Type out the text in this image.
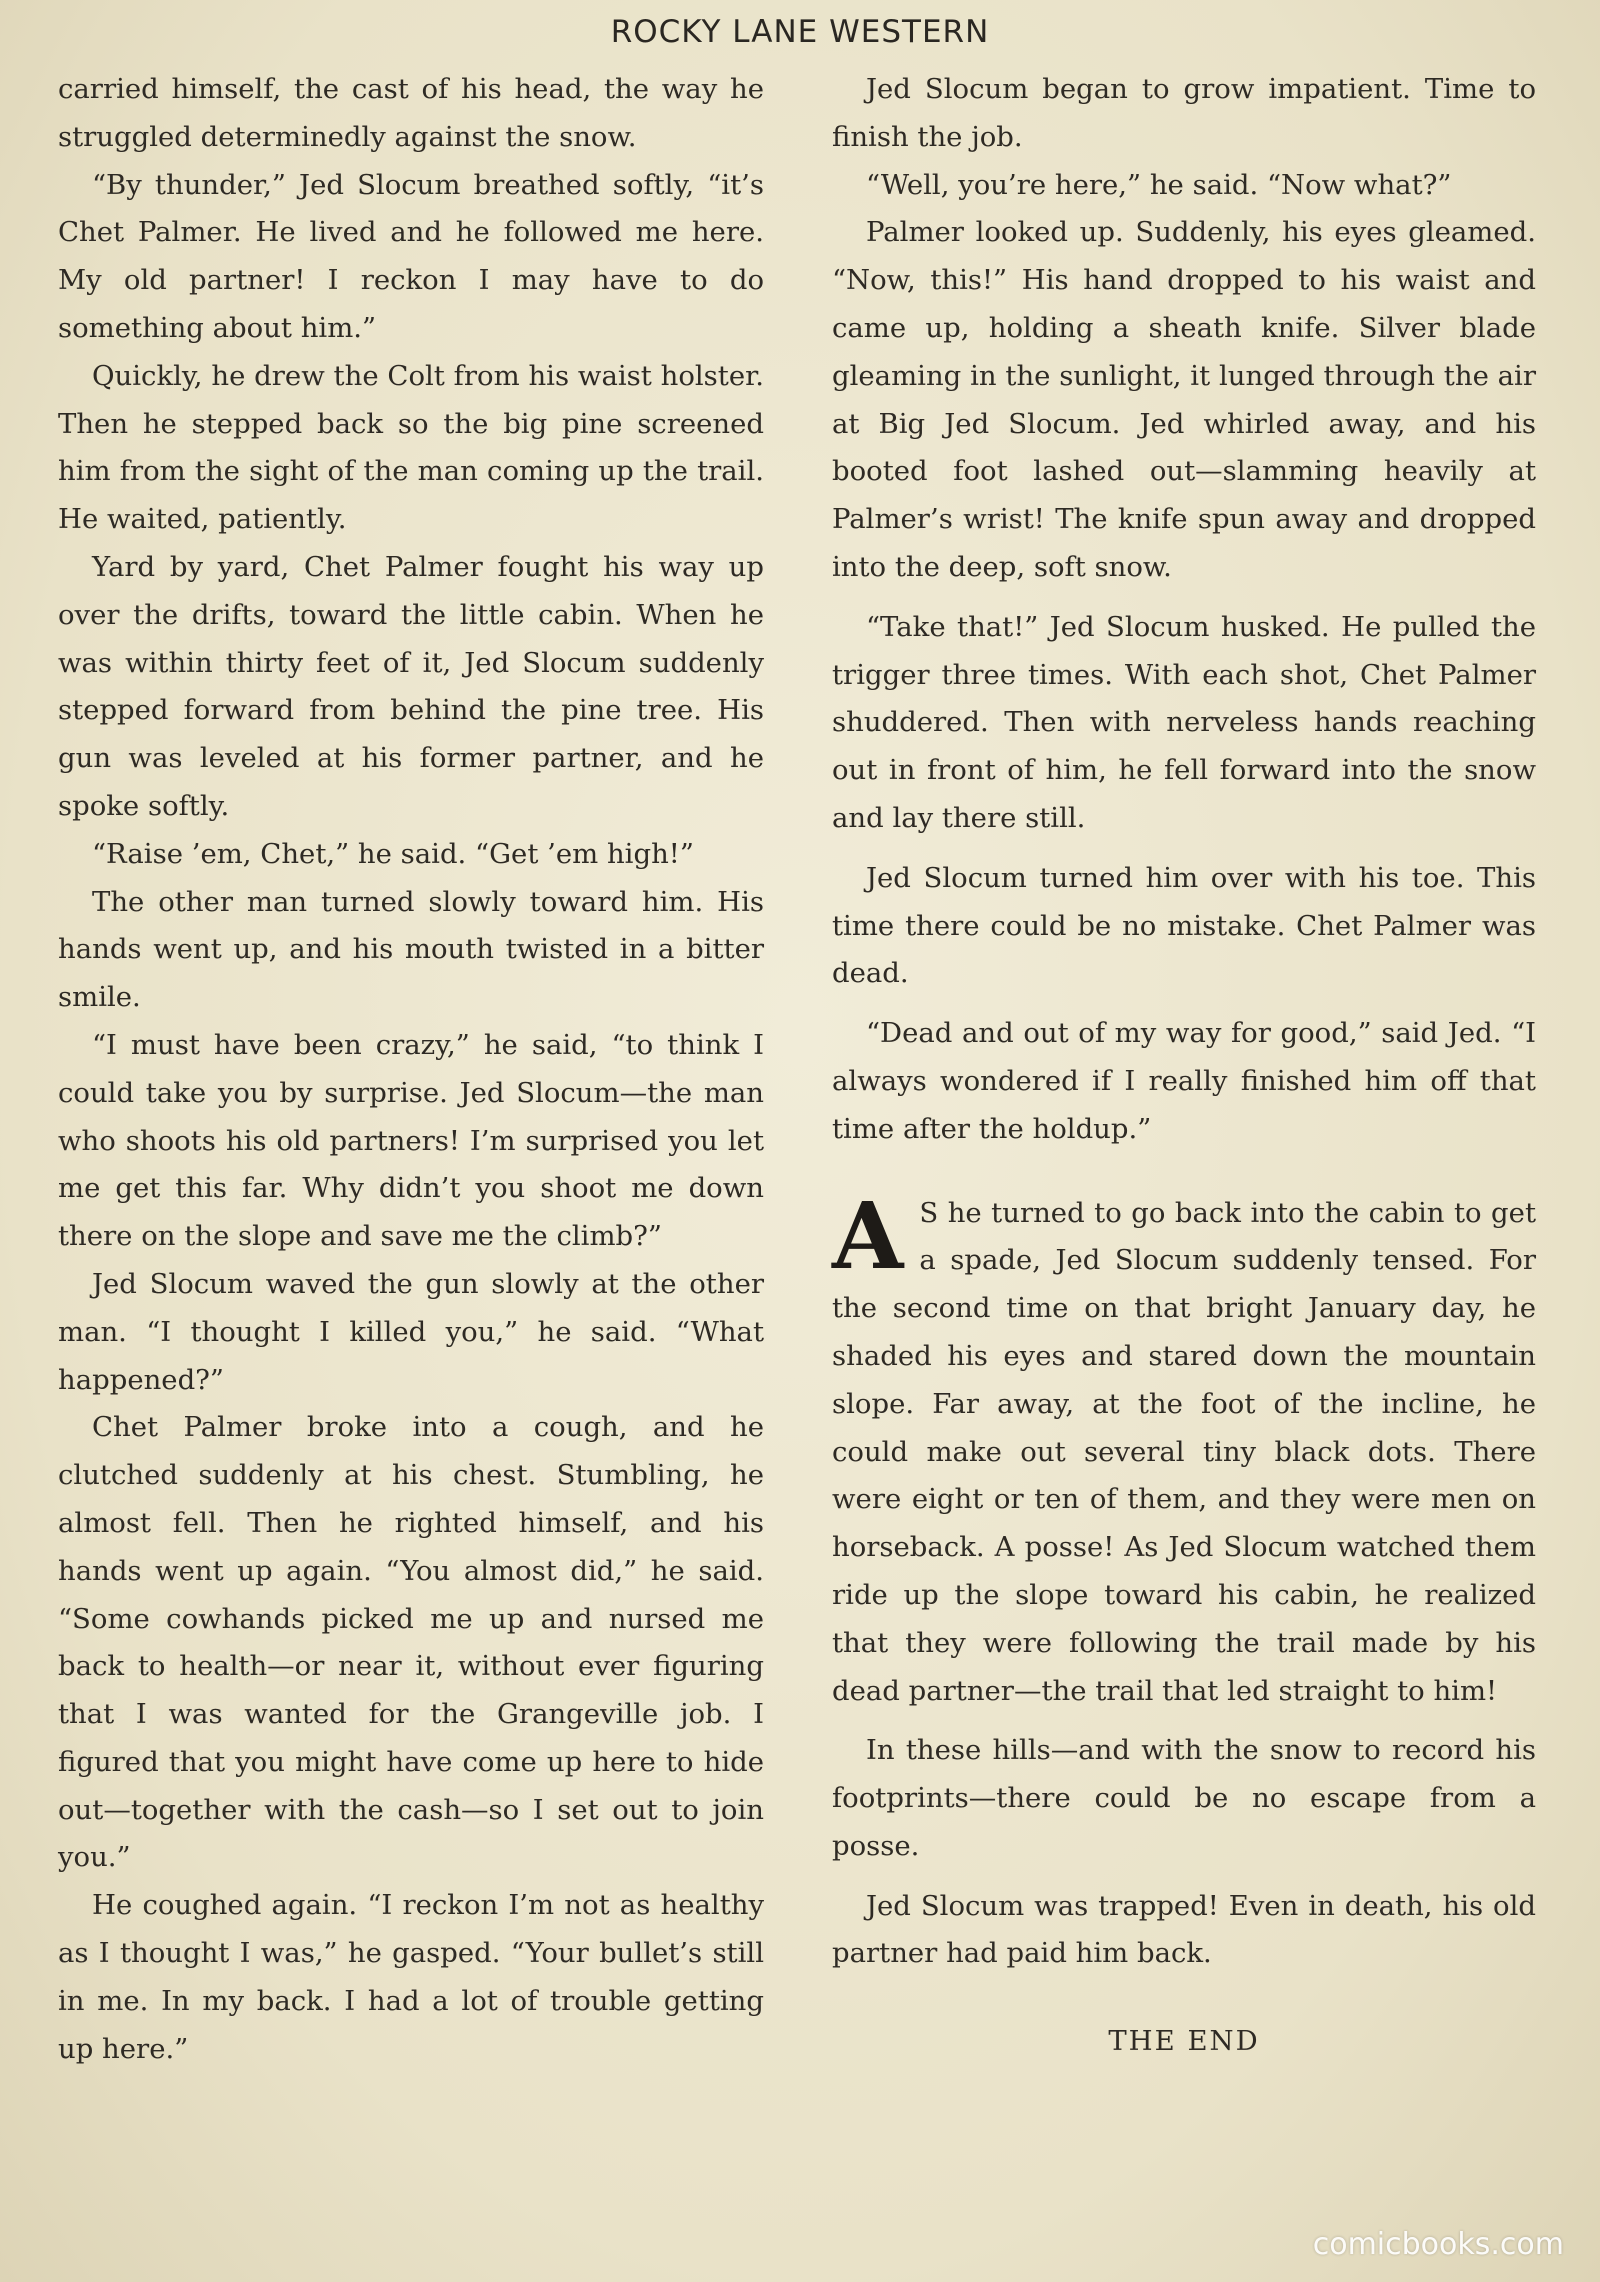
ROCKY LANE WESTERN

carried himself, the cast of his head, the way he struggled determinedly against the snow.

“By thunder,” Jed Slocum breathed softly, “it’s Chet Palmer. He lived and he followed me here. My old partner! I reckon I may have to do something about him.”

Quickly, he drew the Colt from his waist holster. Then he stepped back so the big pine screened him from the sight of the man coming up the trail. He waited, patiently.

Yard by yard, Chet Palmer fought his way up over the drifts, toward the little cabin. When he was within thirty feet of it, Jed Slocum suddenly stepped forward from behind the pine tree. His gun was leveled at his former partner, and he spoke softly.

“Raise ’em, Chet,” he said. “Get ’em high!”

The other man turned slowly toward him. His hands went up, and his mouth twisted in a bitter smile.

“I must have been crazy,” he said, “to think I could take you by surprise. Jed Slocum—the man who shoots his old partners! I’m surprised you let me get this far. Why didn’t you shoot me down there on the slope and save me the climb?”

Jed Slocum waved the gun slowly at the other man. “I thought I killed you,” he said. “What happened?”

Chet Palmer broke into a cough, and he clutched suddenly at his chest. Stumbling, he almost fell. Then he righted himself, and his hands went up again. “You almost did,” he said. “Some cowhands picked me up and nursed me back to health—or near it, without ever figuring that I was wanted for the Grangeville job. I figured that you might have come up here to hide out—together with the cash—so I set out to join you.”

He coughed again. “I reckon I’m not as healthy as I thought I was,” he gasped. “Your bullet’s still in me. In my back. I had a lot of trouble getting up here.”

Jed Slocum began to grow impatient. Time to finish the job.

“Well, you’re here,” he said. “Now what?”

Palmer looked up. Suddenly, his eyes gleamed. “Now, this!” His hand dropped to his waist and came up, holding a sheath knife. Silver blade gleaming in the sunlight, it lunged through the air at Big Jed Slocum. Jed whirled away, and his booted foot lashed out—slamming heavily at Palmer’s wrist! The knife spun away and dropped into the deep, soft snow.

“Take that!” Jed Slocum husked. He pulled the trigger three times. With each shot, Chet Palmer shuddered. Then with nerveless hands reaching out in front of him, he fell forward into the snow and lay there still.

Jed Slocum turned him over with his toe. This time there could be no mistake. Chet Palmer was dead.

“Dead and out of my way for good,” said Jed. “I always wondered if I really finished him off that time after the holdup.”

A S he turned to go back into the cabin to get a spade, Jed Slocum suddenly tensed. For the second time on that bright January day, he shaded his eyes and stared down the mountain slope. Far away, at the foot of the incline, he could make out several tiny black dots. There were eight or ten of them, and they were men on horseback. A posse! As Jed Slocum watched them ride up the slope toward his cabin, he realized that they were following the trail made by his dead partner—the trail that led straight to him!

In these hills—and with the snow to record his footprints—there could be no escape from a posse.

Jed Slocum was trapped! Even in death, his old partner had paid him back.

THE END

comicbooks.com
